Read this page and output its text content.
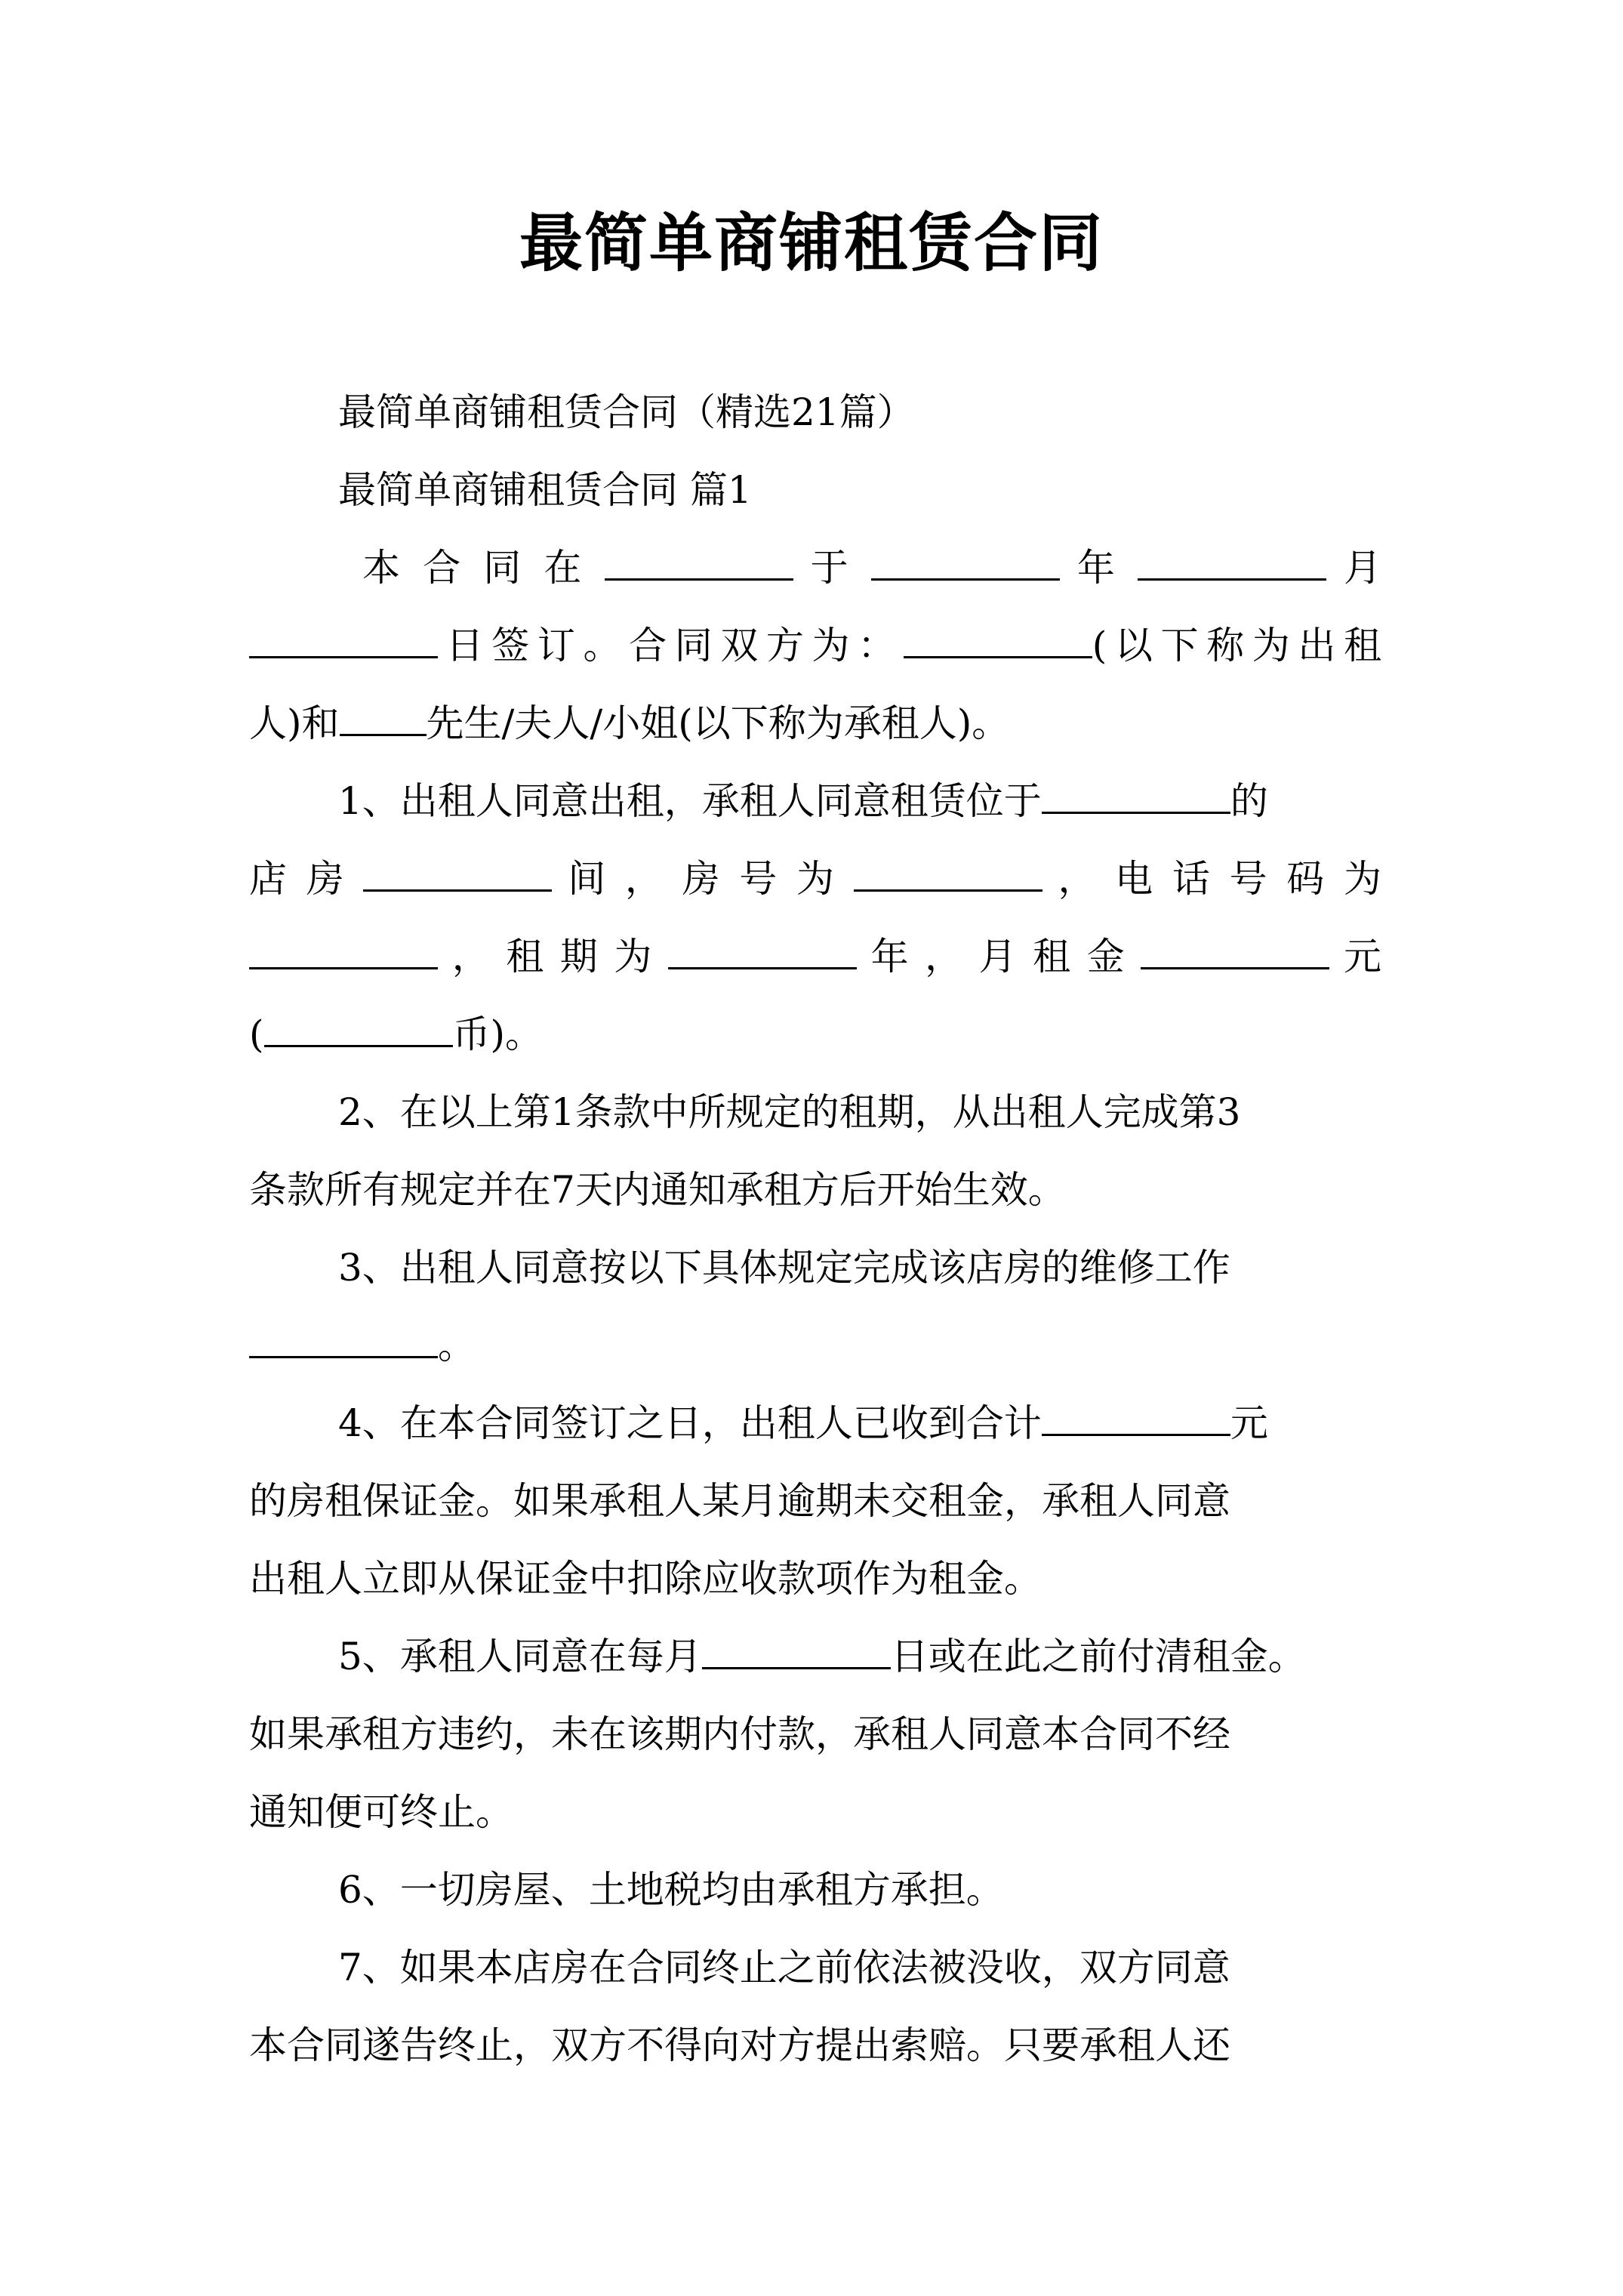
最简单商铺租赁合同
最简单商铺租赁合同（精选21篇）
最简单商铺租赁合同 篇1
本 合 同 在	于	年	月
日签订。合同双方为：	(以下称为出租
人)和 先生/夫人/小姐(以下称为承租人)。
1、出租人同意出租，承租人同意租赁位于	的
店 房	间 ， 房 号 为	， 电 话 号 码 为
， 租 期 为	年 ， 月 租 金	元
(	币)。
2、在以上第1条款中所规定的租期，从出租人完成第3
条款所有规定并在7天内通知承租方后开始生效。
3、出租人同意按以下具体规定完成该店房的维修工作
。
4、在本合同签订之日，出租人已收到合计	元
的房租保证金。如果承租人某月逾期未交租金，承租人同意
出租人立即从保证金中扣除应收款项作为租金。
5、承租人同意在每月	日或在此之前付清租金。
如果承租方违约，未在该期内付款，承租人同意本合同不经
通知便可终止。
6、一切房屋、土地税均由承租方承担。
7、如果本店房在合同终止之前依法被没收，双方同意
本合同遂告终止，双方不得向对方提出索赔。只要承租人还
